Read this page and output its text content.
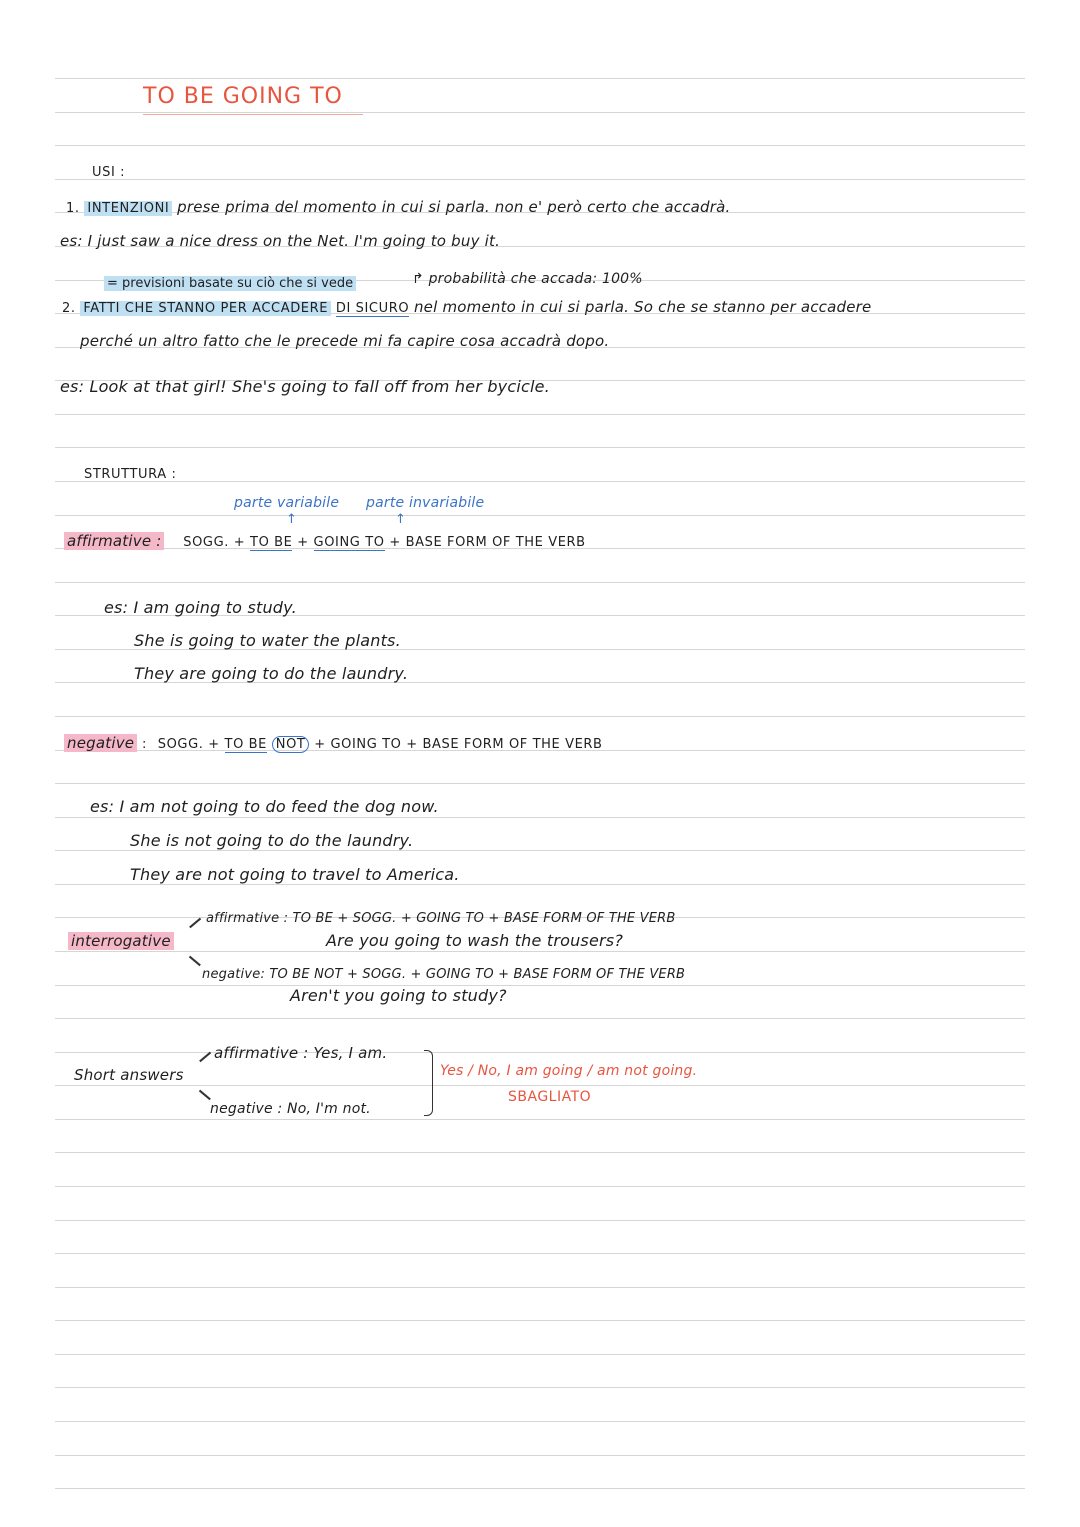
TO BE GOING TO
USI :
1. INTENZIONI prese prima del momento in cui si parla. non e' però certo che accadrà.
es: I just saw a nice dress on the Net. I'm going to buy it.
= previsioni basate su ciò che si vede	↱ probabilità che accada: 100%
2. FATTI CHE STANNO PER ACCADERE DI SICURO nel momento in cui si parla. So che se stanno per accadere
perché un altro fatto che le precede mi fa capire cosa accadrà dopo.
es: Look at that girl! She's going to fall off from her bycicle.
STRUTTURA :
parte variabile parte invariabile
↑	↑
affirmative : SOGG. + TO BE + GOING TO + BASE FORM OF THE VERB
es: I am going to study.
She is going to water the plants.
They are going to do the laundry.
negative : SOGG. + TO BE NOT + GOING TO + BASE FORM OF THE VERB
es: I am not going to do feed the dog now.
She is not going to do the laundry.
They are not going to travel to America.
interrogative
affirmative : TO BE + SOGG. + GOING TO + BASE FORM OF THE VERB
Are you going to wash the trousers?
negative: TO BE NOT + SOGG. + GOING TO + BASE FORM OF THE VERB
Aren't you going to study?
Short answers
affirmative : Yes, I am.
negative : No, I'm not.
Yes / No, I am going / am not going.
SBAGLIATO
